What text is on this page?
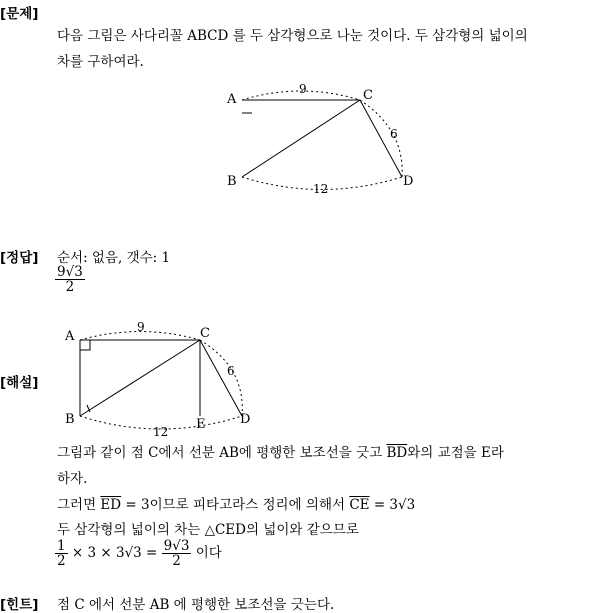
[문제]
다음 그림은 사다리꼴 ABCD 를 두 삼각형으로 나눈 것이다. 두 삼각형의 넓이의
차를 구하여라.
A	C
B	D
9
6
12
[정답] 순서: 없음, 갯수: 1
$\frac{9√3}{2}$
[해설]
A	C
B	E	D
9
6
12
그림과 같이 점 C에서 선분 AB에 평행한 보조선을 긋고 $\overline{BD}$와의 교점을 E라
하자.
그러면 $\overline{ED} = 3$이므로 피타고라스 정리에 의해서 $\overline{CE} = 3√3$
두 삼각형의 넓이의 차는 △CED의 넓이와 같으므로
$\frac{1}{2} \times 3 \times 3√3 = \frac{9√3}{2}$ 이다
[힌트] 점 C 에서 선분 AB 에 평행한 보조선을 긋는다.
